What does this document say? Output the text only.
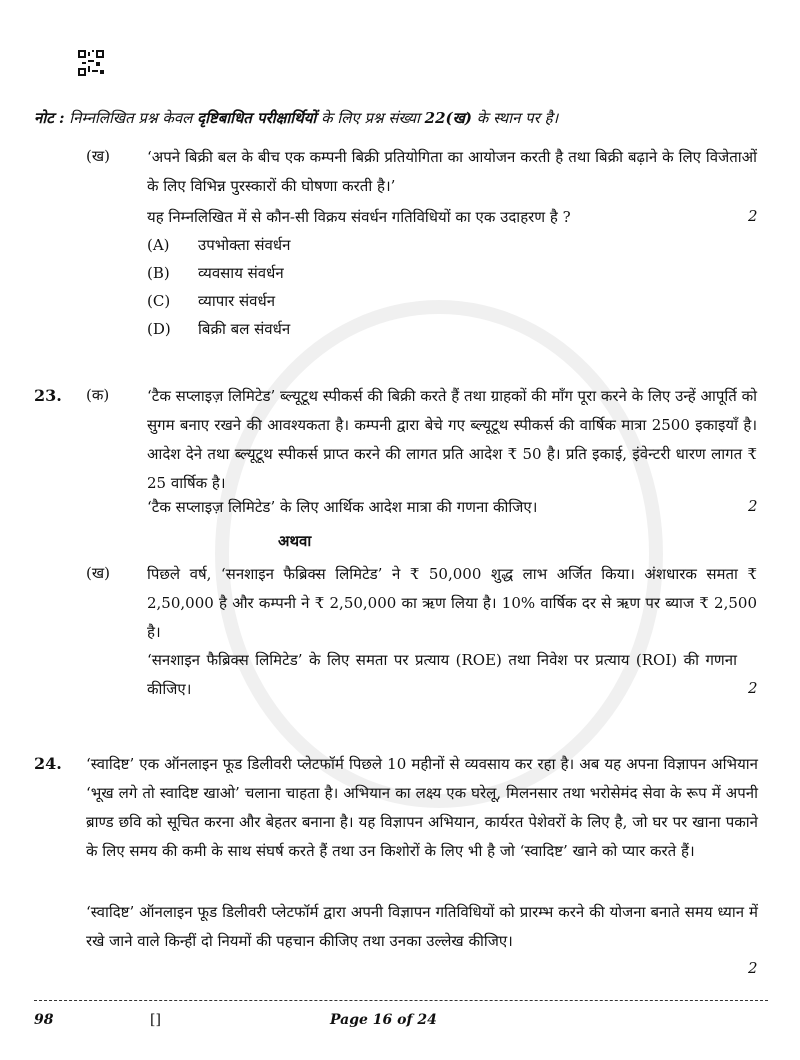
नोट : निम्नलिखित प्रश्न केवल दृष्टिबाधित परीक्षार्थियों के लिए प्रश्न संख्या 22(ख) के स्थान पर है।
(ख) ‘अपने बिक्री बल के बीच एक कम्पनी बिक्री प्रतियोगिता का आयोजन करती है तथा बिक्री बढ़ाने के लिए विजेताओं के लिए विभिन्न पुरस्कारों की घोषणा करती है।’
यह निम्नलिखित में से कौन-सी विक्रय संवर्धन गतिविधियों का एक उदाहरण है ?	2
(A) उपभोक्ता संवर्धन
(B) व्यवसाय संवर्धन
(C) व्यापार संवर्धन
(D) बिक्री बल संवर्धन
23. (क)	‘टैक सप्लाइज़ लिमिटेड’ ब्ल्यूटूथ स्पीकर्स की बिक्री करते हैं तथा ग्राहकों की माँग पूरा करने के लिए उन्हें आपूर्ति को सुगम बनाए रखने की आवश्यकता है। कम्पनी द्वारा बेचे गए ब्ल्यूटूथ स्पीकर्स की वार्षिक मात्रा 2500 इकाइयाँ है। आदेश देने तथा ब्ल्यूटूथ स्पीकर्स प्राप्त करने की लागत प्रति आदेश ₹ 50 है। प्रति इकाई, इंवेन्टरी धारण लागत ₹ 25 वार्षिक है।
‘टैक सप्लाइज़ लिमिटेड’ के लिए आर्थिक आदेश मात्रा की गणना कीजिए।	2
अथवा
(ख) पिछले वर्ष, ‘सनशाइन फैब्रिक्स लिमिटेड’ ने ₹ 50,000 शुद्ध लाभ अर्जित किया। अंशधारक समता ₹ 2,50,000 है और कम्पनी ने ₹ 2,50,000 का ऋण लिया है। 10% वार्षिक दर से ऋण पर ब्याज ₹ 2,500 है।
‘सनशाइन फैब्रिक्स लिमिटेड’ के लिए समता पर प्रत्याय (ROE) तथा निवेश पर प्रत्याय (ROI) की गणना कीजिए।	2
24. ‘स्वादिष्ट’ एक ऑनलाइन फूड डिलीवरी प्लेटफॉर्म पिछले 10 महीनों से व्यवसाय कर रहा है। अब यह अपना विज्ञापन अभियान ‘भूख लगे तो स्वादिष्ट खाओ’ चलाना चाहता है। अभियान का लक्ष्य एक घरेलू, मिलनसार तथा भरोसेमंद सेवा के रूप में अपनी ब्राण्ड छवि को सूचित करना और बेहतर बनाना है। यह विज्ञापन अभियान, कार्यरत पेशेवरों के लिए है, जो घर पर खाना पकाने के लिए समय की कमी के साथ संघर्ष करते हैं तथा उन किशोरों के लिए भी है जो ‘स्वादिष्ट’ खाने को प्यार करते हैं।
‘स्वादिष्ट’ ऑनलाइन फूड डिलीवरी प्लेटफॉर्म द्वारा अपनी विज्ञापन गतिविधियों को प्रारम्भ करने की योजना बनाते समय ध्यान में रखे जाने वाले किन्हीं दो नियमों की पहचान कीजिए तथा उनका उल्लेख कीजिए।
2
98	[]	Page 16 of 24
